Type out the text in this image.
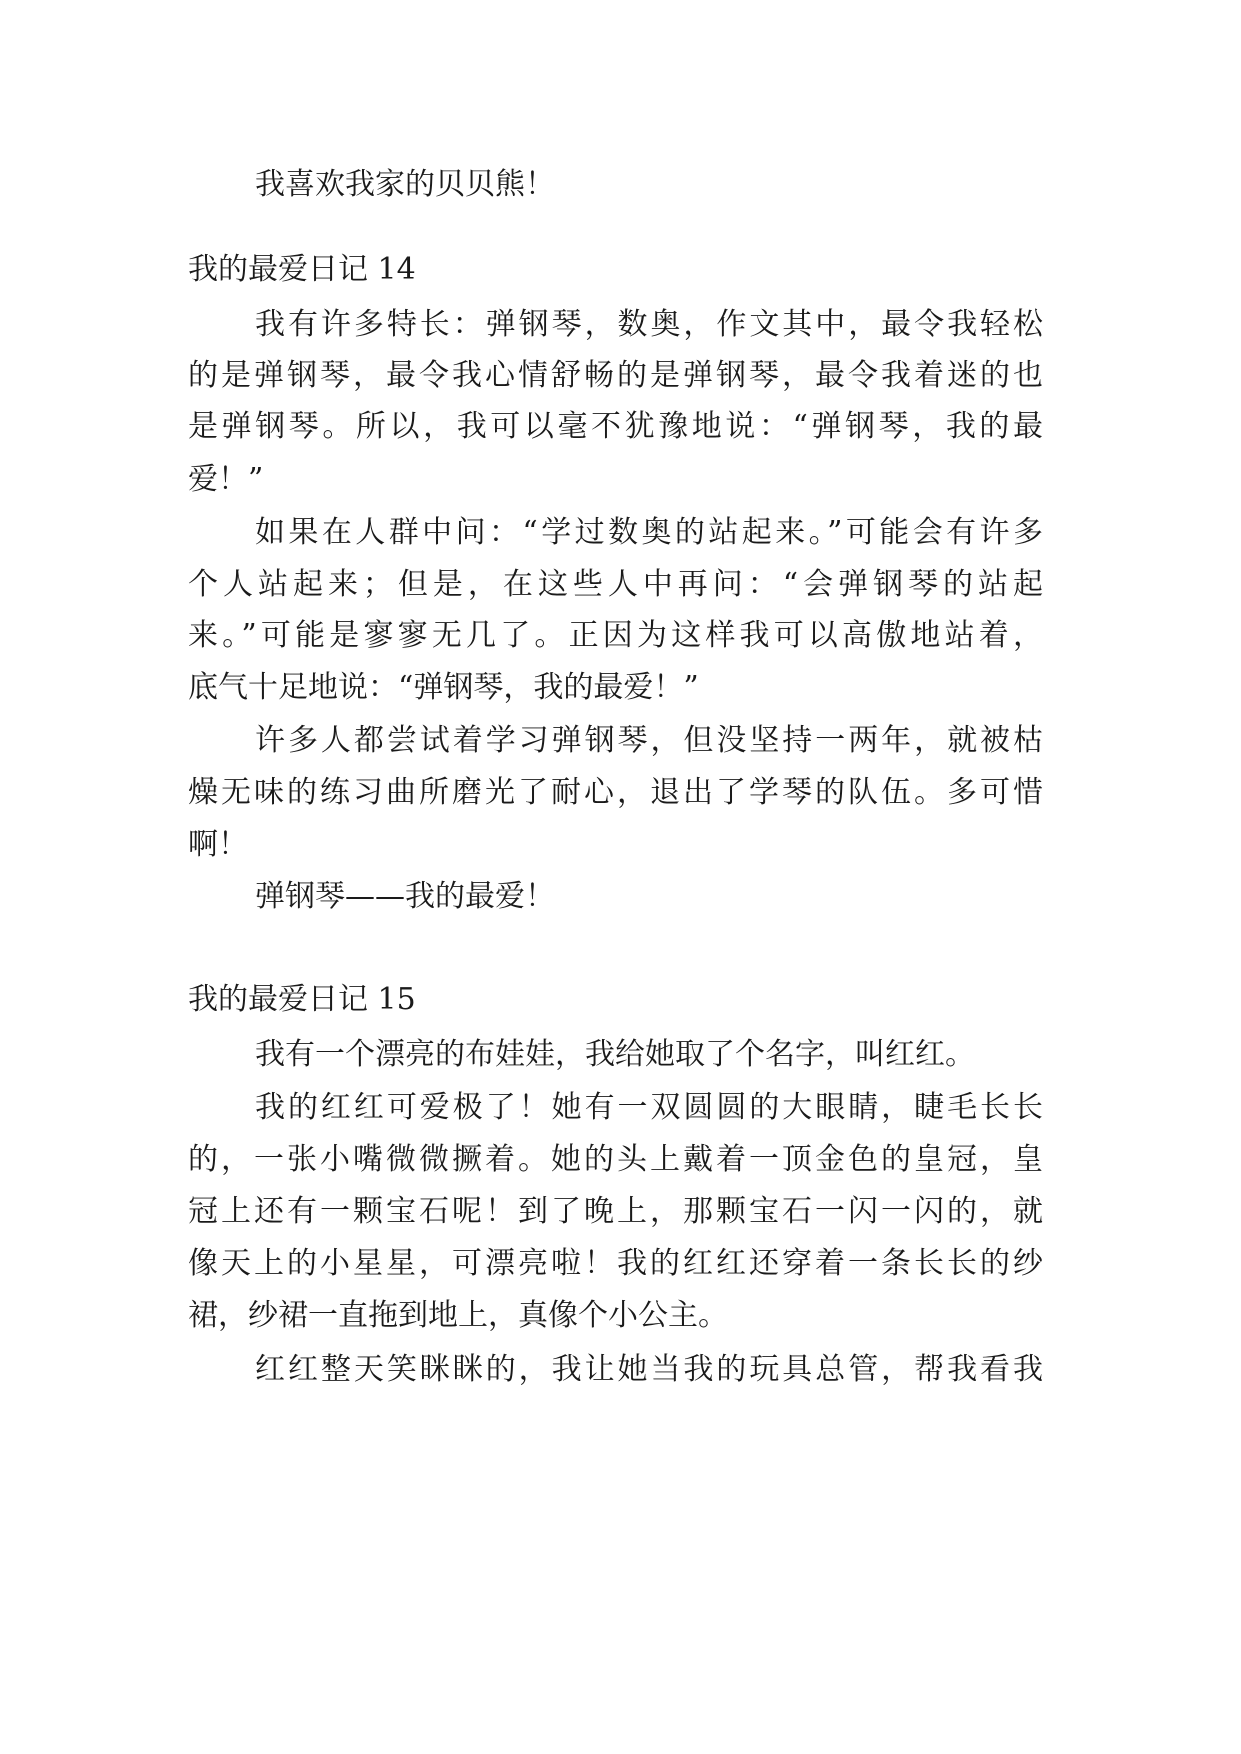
我喜欢我家的贝贝熊！
我的最爱日记 14
我有许多特长：弹钢琴，数奥，作文其中，最令我轻松
的是弹钢琴，最令我心情舒畅的是弹钢琴，最令我着迷的也
是弹钢琴。所以，我可以毫不犹豫地说：“弹钢琴，我的最
爱！”
如果在人群中问：“学过数奥的站起来。”可能会有许多
个人站起来；但是，在这些人中再问：“会弹钢琴的站起
来。”可能是寥寥无几了。正因为这样我可以高傲地站着，
底气十足地说：“弹钢琴，我的最爱！”
许多人都尝试着学习弹钢琴，但没坚持一两年，就被枯
燥无味的练习曲所磨光了耐心，退出了学琴的队伍。多可惜
啊！
弹钢琴——我的最爱！
我的最爱日记 15
我有一个漂亮的布娃娃，我给她取了个名字，叫红红。
我的红红可爱极了！她有一双圆圆的大眼睛，睫毛长长
的，一张小嘴微微撅着。她的头上戴着一顶金色的皇冠，皇
冠上还有一颗宝石呢！到了晚上，那颗宝石一闪一闪的，就
像天上的小星星，可漂亮啦！我的红红还穿着一条长长的纱
裙，纱裙一直拖到地上，真像个小公主。
红红整天笑眯眯的，我让她当我的玩具总管，帮我看我
